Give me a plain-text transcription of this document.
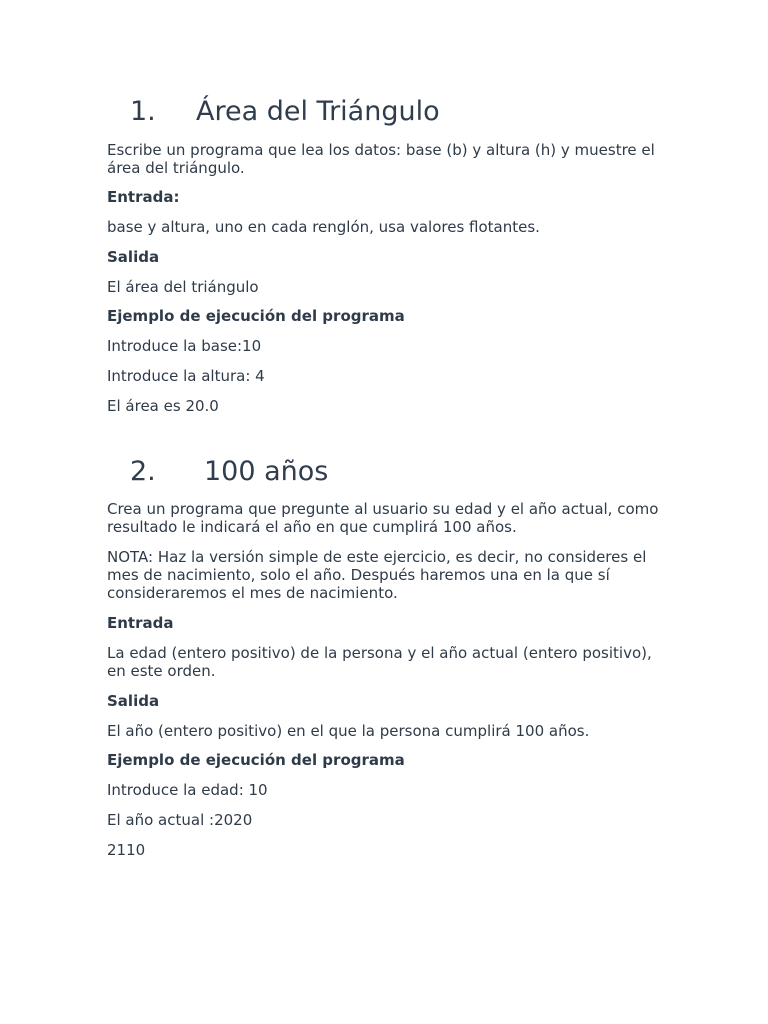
1. Área del Triángulo

Escribe un programa que lea los datos: base (b) y altura (h) y muestre el área del triángulo.

Entrada:

base y altura, uno en cada renglón, usa valores flotantes.

Salida

El área del triángulo

Ejemplo de ejecución del programa

Introduce la base:10

Introduce la altura: 4

El área es 20.0

2. 100 años

Crea un programa que pregunte al usuario su edad y el año actual, como resultado le indicará el año en que cumplirá 100 años.

NOTA: Haz la versión simple de este ejercicio, es decir, no consideres el mes de nacimiento, solo el año. Después haremos una en la que sí consideraremos el mes de nacimiento.

Entrada

La edad (entero positivo) de la persona y el año actual (entero positivo), en este orden.

Salida

El año (entero positivo) en el que la persona cumplirá 100 años.

Ejemplo de ejecución del programa

Introduce la edad: 10

El año actual :2020

2110
